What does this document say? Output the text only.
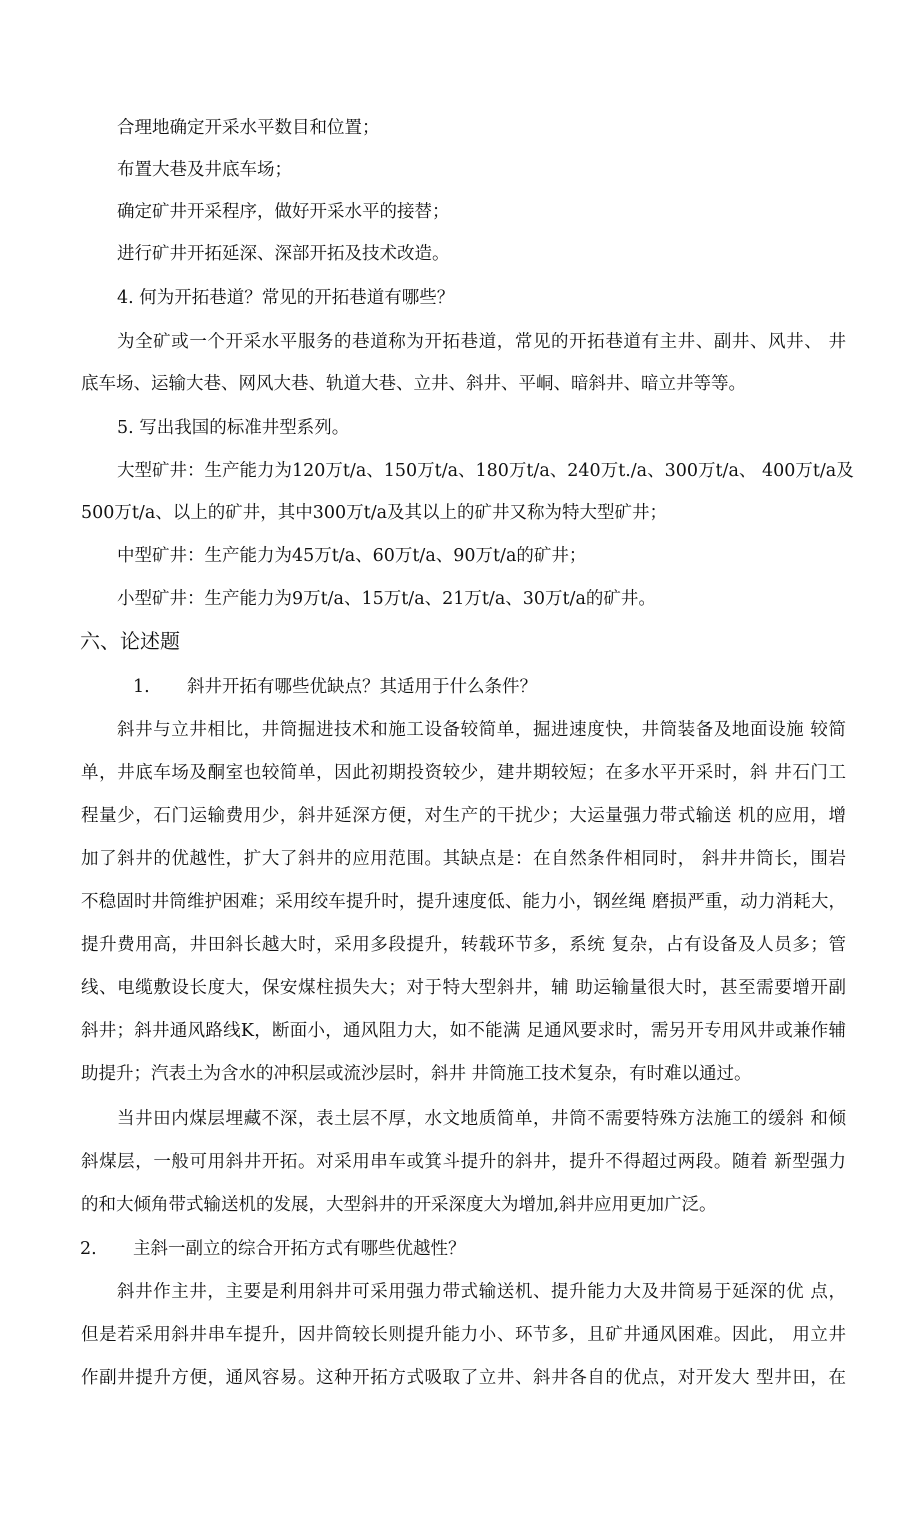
合理地确定开采水平数目和位置；
布置大巷及井底车场；
确定矿井开采程序，做好开采水平的接替；
进行矿井开拓延深、深部开拓及技术改造。
4. 何为开拓巷道？常见的开拓巷道有哪些？
为全矿或一个开采水平服务的巷道称为开拓巷道，常见的开拓巷道有主井、副井、风井、 井
底车场、运输大巷、网风大巷、轨道大巷、立井、斜井、平峒、暗斜井、暗立井等等。
5. 写出我国的标准井型系列。
大型矿井：生产能力为120万t/a、150万t/a、180万t/a、240万t./a、300万t/a、 400万t/a及
500万t/a、以上的矿井，其中300万t/a及其以上的矿井又称为特大型矿井；
中型矿井：生产能力为45万t/a、60万t/a、90万t/a的矿井；
小型矿井：生产能力为9万t/a、15万t/a、21万t/a、30万t/a的矿井。
六、论述题
1. 斜井开拓有哪些优缺点？其适用于什么条件？
斜井与立井相比，井筒掘进技术和施工设备较简单，掘进速度快，井筒装备及地面设施 较简
单，井底车场及酮室也较简单，因此初期投资较少，建井期较短；在多水平开采时，斜 井石门工
程量少，石门运输费用少，斜井延深方便，对生产的干扰少；大运量强力带式输送 机的应用，增
加了斜井的优越性，扩大了斜井的应用范围。其缺点是：在自然条件相同时， 斜井井筒长，围岩
不稳固时井筒维护困难；采用绞车提升时，提升速度低、能力小，钢丝绳 磨损严重，动力消耗大，
提升费用高，井田斜长越大时，采用多段提升，转载环节多，系统 复杂，占有设备及人员多；管
线、电缆敷设长度大，保安煤柱损失大；对于特大型斜井，辅 助运输量很大时，甚至需要增开副
斜井；斜井通风路线K，断面小，通风阻力大，如不能满 足通风要求时，需另开专用风井或兼作辅
助提升；汽表土为含水的冲积层或流沙层时，斜井 井筒施工技术复杂，有时难以通过。
当井田内煤层埋藏不深，表土层不厚，水文地质简单，井筒不需要特殊方法施工的缓斜 和倾
斜煤层，一般可用斜井开拓。对采用串车或箕斗提升的斜井，提升不得超过两段。随着 新型强力
的和大倾角带式输送机的发展，大型斜井的开采深度大为增加,斜井应用更加广泛。
2. 主斜一副立的综合开拓方式有哪些优越性？
斜井作主井，主要是利用斜井可采用强力带式输送机、提升能力大及井筒易于延深的优 点，
但是若采用斜井串车提升，因井筒较长则提升能力小、环节多，且矿井通风困难。因此， 用立井
作副井提升方便，通风容易。这种开拓方式吸取了立井、斜井各自的优点，对开发大 型井田，在
